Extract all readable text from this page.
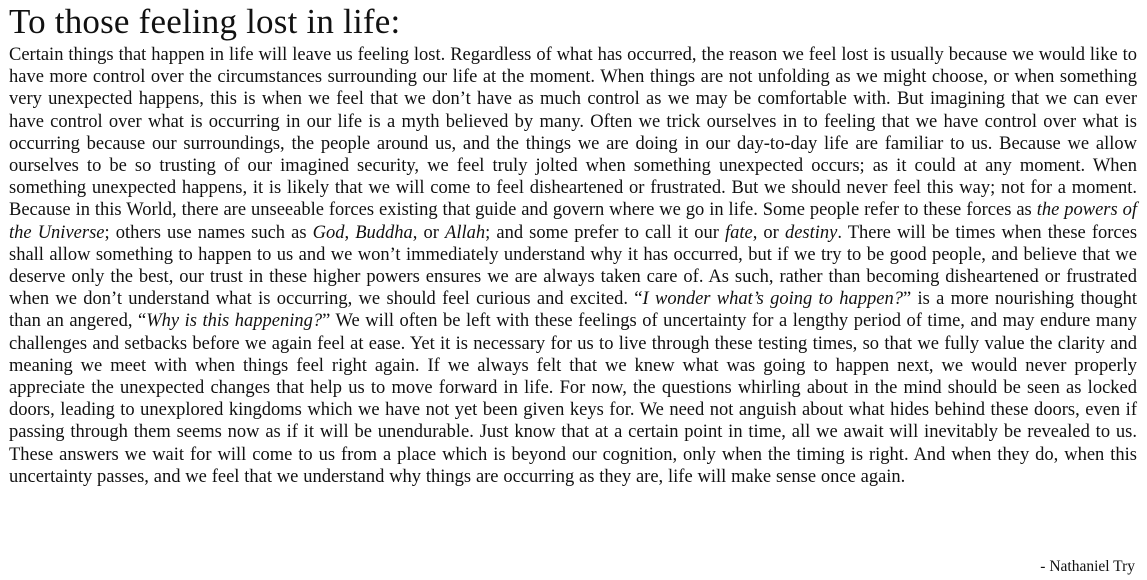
To those feeling lost in life:

Certain things that happen in life will leave us feeling lost. Regardless of what has occurred, the reason we feel lost is usually because we would like to have more control over the circumstances surrounding our life at the moment. When things are not unfolding as we might choose, or when something very unexpected happens, this is when we feel that we don’t have as much control as we may be comfortable with. But imagining that we can ever have control over what is occurring in our life is a myth believed by many. Often we trick ourselves in to feeling that we have control over what is occurring because our surroundings, the people around us, and the things we are doing in our day-to-day life are familiar to us. Because we allow ourselves to be so trusting of our imagined security, we feel truly jolted when something unexpected occurs; as it could at any moment. When something unexpected happens, it is likely that we will come to feel disheartened or frustrated. But we should never feel this way; not for a moment. Because in this World, there are unseeable forces existing that guide and govern where we go in life. Some people refer to these forces as the powers of the Universe; others use names such as God, Buddha, or Allah; and some prefer to call it our fate, or destiny. There will be times when these forces shall allow something to happen to us and we won’t immediately understand why it has occurred, but if we try to be good people, and believe that we deserve only the best, our trust in these higher powers ensures we are always taken care of. As such, rather than becoming disheartened or frustrated when we don’t understand what is occurring, we should feel curious and excited. “I wonder what’s going to happen?” is a more nourishing thought than an angered, “Why is this happening?” We will often be left with these feelings of uncertainty for a lengthy period of time, and may endure many challenges and setbacks before we again feel at ease. Yet it is necessary for us to live through these testing times, so that we fully value the clarity and meaning we meet with when things feel right again. If we always felt that we knew what was going to happen next, we would never properly appreciate the unexpected changes that help us to move forward in life. For now, the questions whirling about in the mind should be seen as locked doors, leading to unexplored kingdoms which we have not yet been given keys for. We need not anguish about what hides behind these doors, even if passing through them seems now as if it will be unendurable. Just know that at a certain point in time, all we await will inevitably be revealed to us. These answers we wait for will come to us from a place which is beyond our cognition, only when the timing is right. And when they do, when this uncertainty passes, and we feel that we understand why things are occurring as they are, life will make sense once again.

- Nathaniel Try
